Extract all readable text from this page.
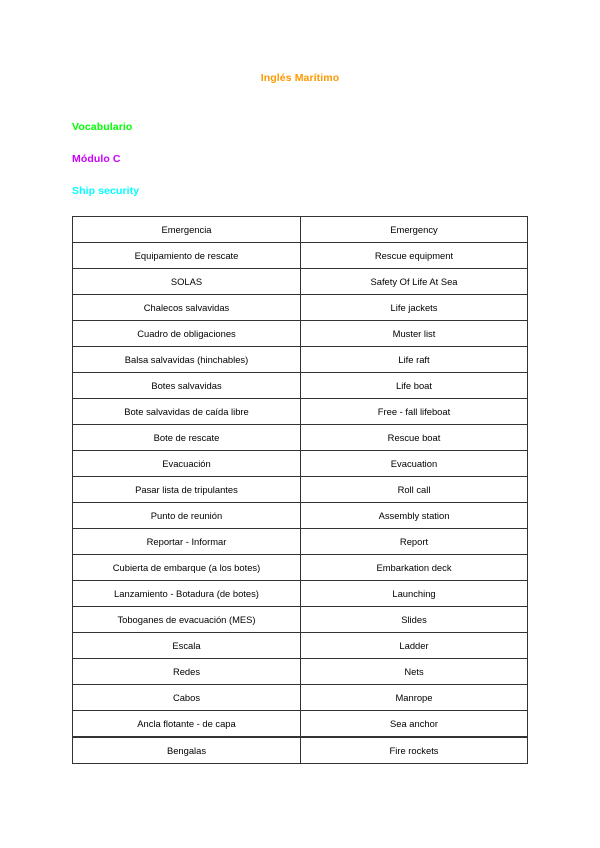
Inglés Marítimo
Vocabulario
Módulo C
Ship security
Emergencia	Emergency
Equipamiento de rescate	Rescue equipment
SOLAS	Safety Of Life At Sea
Chalecos salvavidas	Life jackets
Cuadro de obligaciones	Muster list
Balsa salvavidas (hinchables)	Life raft
Botes salvavidas	Life boat
Bote salvavidas de caída libre	Free - fall lifeboat
Bote de rescate	Rescue boat
Evacuación	Evacuation
Pasar lista de tripulantes	Roll call
Punto de reunión	Assembly station
Reportar - Informar	Report
Cubierta de embarque (a los botes)	Embarkation deck
Lanzamiento - Botadura (de botes)	Launching
Toboganes de evacuación (MES)	Slides
Escala	Ladder
Redes	Nets
Cabos	Manrope
Ancla flotante - de capa	Sea anchor
Bengalas	Fire rockets
